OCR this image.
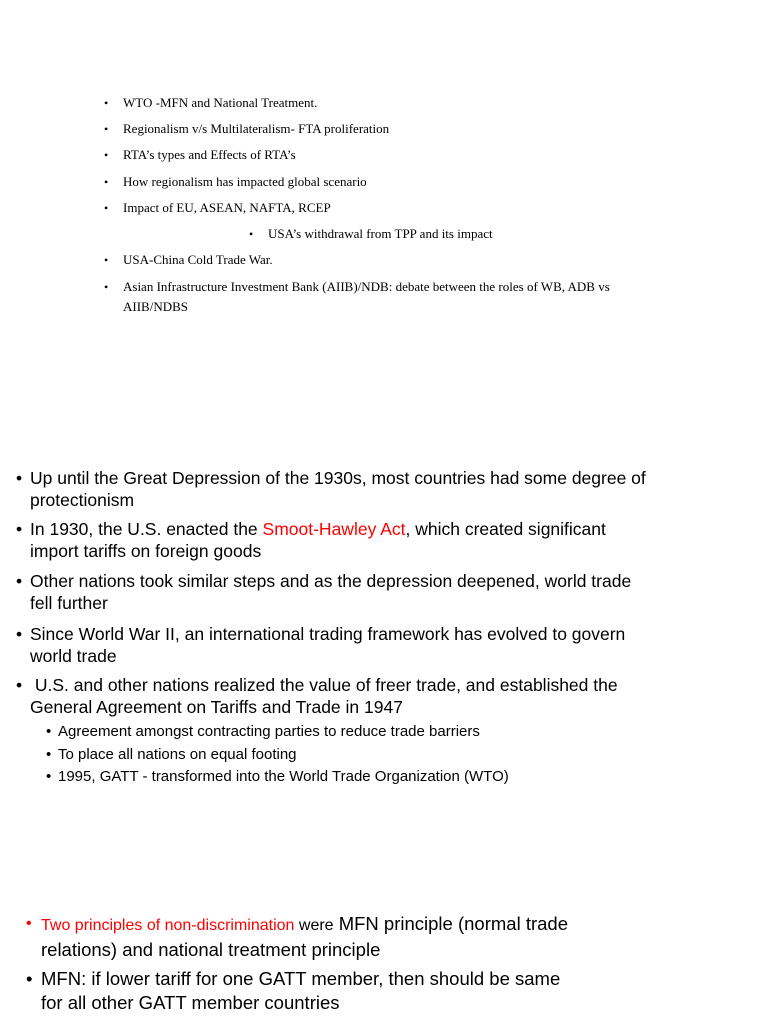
• WTO -MFN and National Treatment.
• Regionalism v/s Multilateralism- FTA proliferation
• RTA’s types and Effects of RTA’s
• How regionalism has impacted global scenario
• Impact of EU, ASEAN, NAFTA, RCEP
• USA’s withdrawal from TPP and its impact
• USA-China Cold Trade War.
• Asian Infrastructure Investment Bank (AIIB)/NDB: debate between the roles of WB, ADB vs
AIIB/NDBS
• Up until the Great Depression of the 1930s, most countries had some degree of
protectionism
• In 1930, the U.S. enacted the Smoot-Hawley Act, which created significant
import tariffs on foreign goods
• Other nations took similar steps and as the depression deepened, world trade
fell further
• Since World War II, an international trading framework has evolved to govern
world trade
• U.S. and other nations realized the value of freer trade, and established the
General Agreement on Tariffs and Trade in 1947
• Agreement amongst contracting parties to reduce trade barriers
• To place all nations on equal footing
• 1995, GATT - transformed into the World Trade Organization (WTO)
• Two principles of non-discrimination were MFN principle (normal trade
relations) and national treatment principle
• MFN: if lower tariff for one GATT member, then should be same
for all other GATT member countries
